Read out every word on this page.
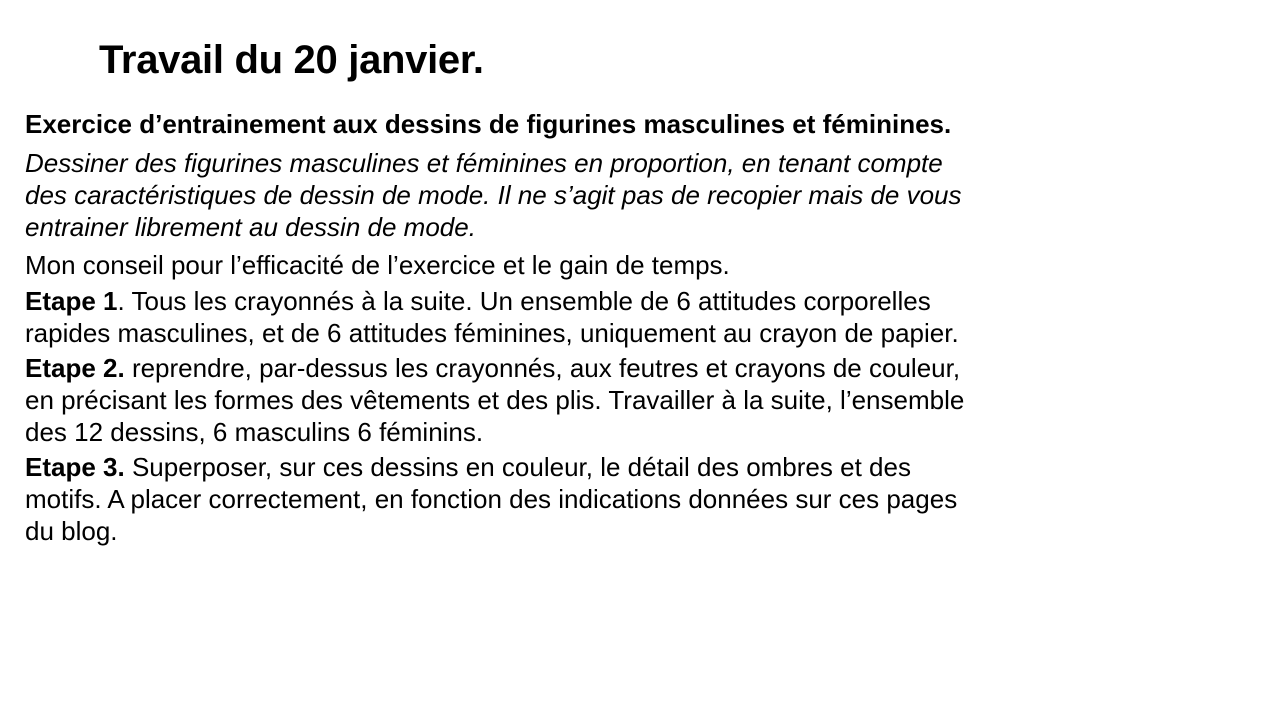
Travail du 20 janvier.

Exercice d’entrainement aux dessins de figurines masculines et féminines.

Dessiner des figurines masculines et féminines en proportion, en tenant compte
des caractéristiques de dessin de mode. Il ne s’agit pas de recopier mais de vous
entrainer librement au dessin de mode.

Mon conseil pour l’efficacité de l’exercice et le gain de temps.

Etape 1. Tous les crayonnés à la suite. Un ensemble de 6 attitudes corporelles
rapides masculines, et de 6 attitudes féminines, uniquement au crayon de papier.

Etape 2. reprendre, par-dessus les crayonnés, aux feutres et crayons de couleur,
en précisant les formes des vêtements et des plis. Travailler à la suite, l’ensemble
des 12 dessins, 6 masculins 6 féminins.

Etape 3. Superposer, sur ces dessins en couleur, le détail des ombres et des
motifs. A placer correctement, en fonction des indications données sur ces pages
du blog.
